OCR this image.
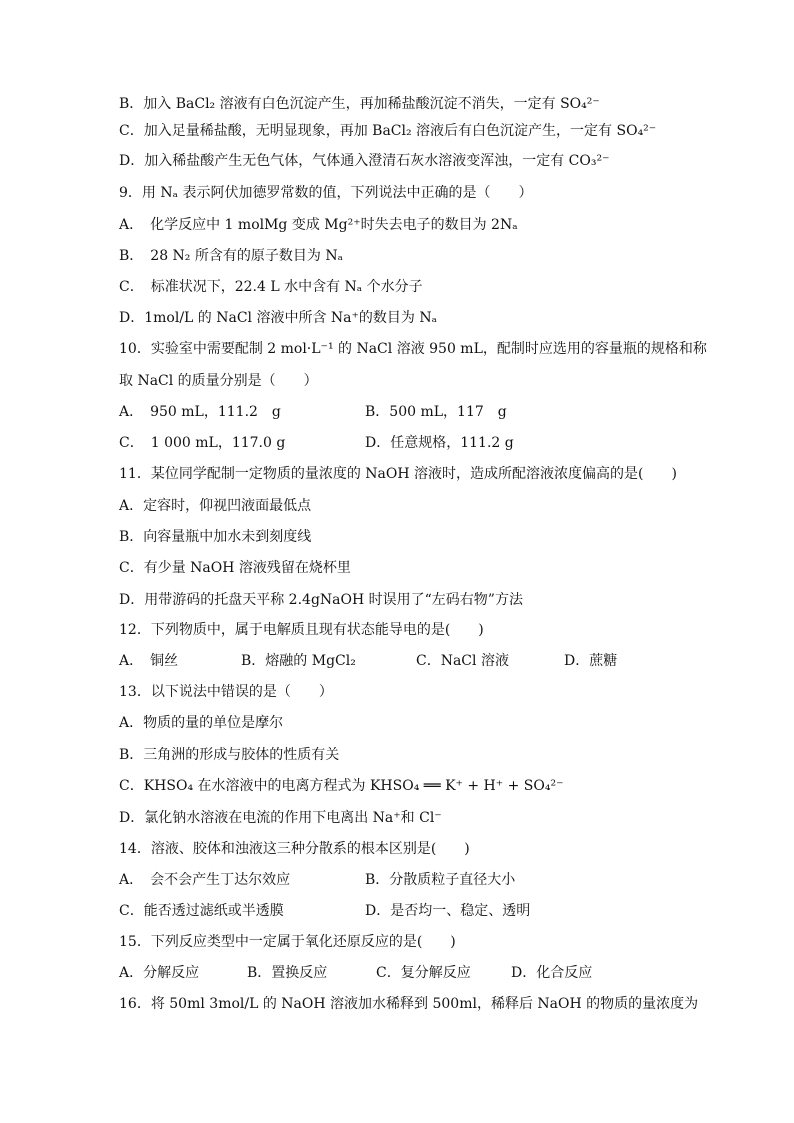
B．加入 BaCl₂ 溶液有白色沉淀产生，再加稀盐酸沉淀不消失，一定有 SO₄²⁻
C．加入足量稀盐酸，无明显现象，再加 BaCl₂ 溶液后有白色沉淀产生，一定有 SO₄²⁻
D．加入稀盐酸产生无色气体，气体通入澄清石灰水溶液变浑浊，一定有 CO₃²⁻
9．用 Nₐ 表示阿伏加德罗常数的值，下列说法中正确的是（　　）
A．　化学反应中 1 molMg 变成 Mg²⁺时失去电子的数目为 2Nₐ
B．　28 N₂ 所含有的原子数目为 Nₐ
C．　标准状况下，22.4 L 水中含有 Nₐ 个水分子
D．1mol/L 的 NaCl 溶液中所含 Na⁺的数目为 Nₐ
10．实验室中需要配制 2 mol·L⁻¹ 的 NaCl 溶液 950 mL，配制时应选用的容量瓶的规格和称
取 NaCl 的质量分别是（　　）
A．　950 mL，111.2　g	B．500 mL，117　g
C．　1 000 mL，117.0 g	D．任意规格，111.2 g
11．某位同学配制一定物质的量浓度的 NaOH 溶液时，造成所配溶液浓度偏高的是(　　)
A．定容时，仰视凹液面最低点
B．向容量瓶中加水未到刻度线
C．有少量 NaOH 溶液残留在烧杯里
D．用带游码的托盘天平称 2.4gNaOH 时误用了“左码右物”方法
12．下列物质中，属于电解质且现有状态能导电的是(　　)
A．　铜丝	B．熔融的 MgCl₂	C．NaCl 溶液	D．蔗糖
13．以下说法中错误的是（　　）
A．物质的量的单位是摩尔
B．三角洲的形成与胶体的性质有关
C．KHSO₄ 在水溶液中的电离方程式为 KHSO₄ ══ K⁺ + H⁺ + SO₄²⁻
D．氯化钠水溶液在电流的作用下电离出 Na⁺和 Cl⁻
14．溶液、胶体和浊液这三种分散系的根本区别是(　　)
A．　会不会产生丁达尔效应	B．分散质粒子直径大小
C．能否透过滤纸或半透膜	D．是否均一、稳定、透明
15．下列反应类型中一定属于氧化还原反应的是(　　)
A．分解反应	B．置换反应	C．复分解反应	D．化合反应
16．将 50ml 3mol/L 的 NaOH 溶液加水稀释到 500ml，稀释后 NaOH 的物质的量浓度为
